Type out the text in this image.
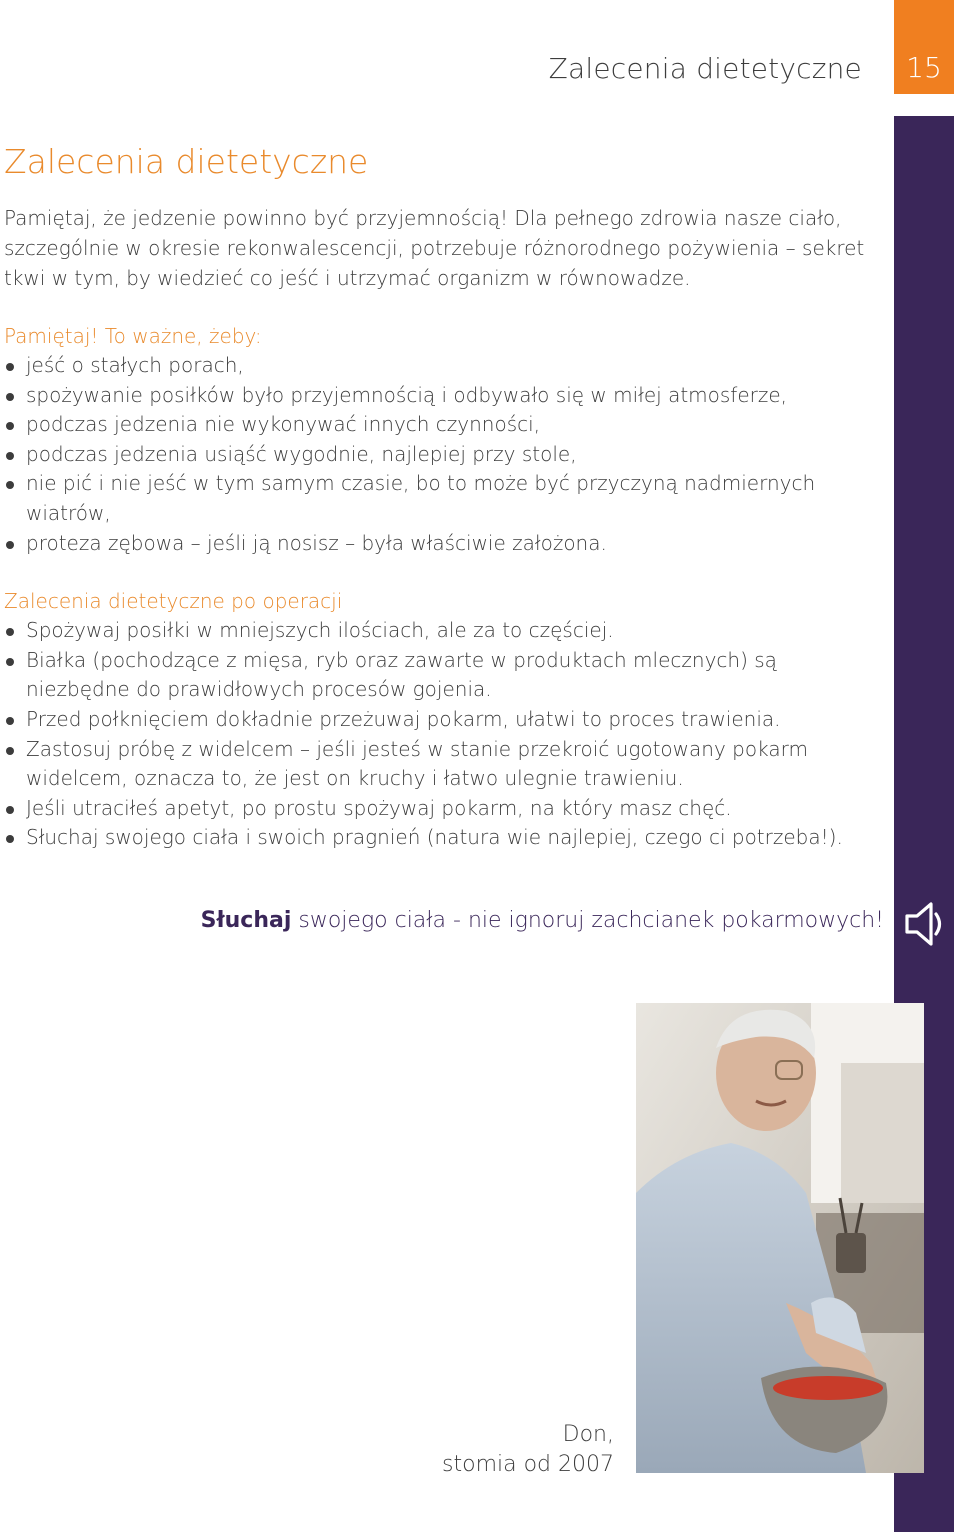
Zalecenia dietetyczne 15
Zalecenia dietetyczne

Pamiętaj, że jedzenie powinno być przyjemnością! Dla pełnego zdrowia nasze ciało, szczególnie w okresie rekonwalescencji, potrzebuje różnorodnego pożywienia – sekret tkwi w tym, by wiedzieć co jeść i utrzymać organizm w równowadze.

Pamiętaj! To ważne, żeby:
jeść o stałych porach,
spożywanie posiłków było przyjemnością i odbywało się w miłej atmosferze,
podczas jedzenia nie wykonywać innych czynności,
podczas jedzenia usiąść wygodnie, najlepiej przy stole,
nie pić i nie jeść w tym samym czasie, bo to może być przyczyną nadmiernych wiatrów,
proteza zębowa – jeśli ją nosisz – była właściwie założona.
Zalecenia dietetyczne po operacji
Spożywaj posiłki w mniejszych ilościach, ale za to częściej.
Białka (pochodzące z mięsa, ryb oraz zawarte w produktach mlecznych) są niezbędne do prawidłowych procesów gojenia.
Przed połknięciem dokładnie przeżuwaj pokarm, ułatwi to proces trawienia.
Zastosuj próbę z widelcem – jeśli jesteś w stanie przekroić ugotowany pokarm widelcem, oznacza to, że jest on kruchy i łatwo ulegnie trawieniu.
Jeśli utraciłeś apetyt, po prostu spożywaj pokarm, na który masz chęć.
Słuchaj swojego ciała i swoich pragnień (natura wie najlepiej, czego ci potrzeba!).
Słuchaj swojego ciała - nie ignoruj zachcianek pokarmowych!
Don,
stomia od 2007
